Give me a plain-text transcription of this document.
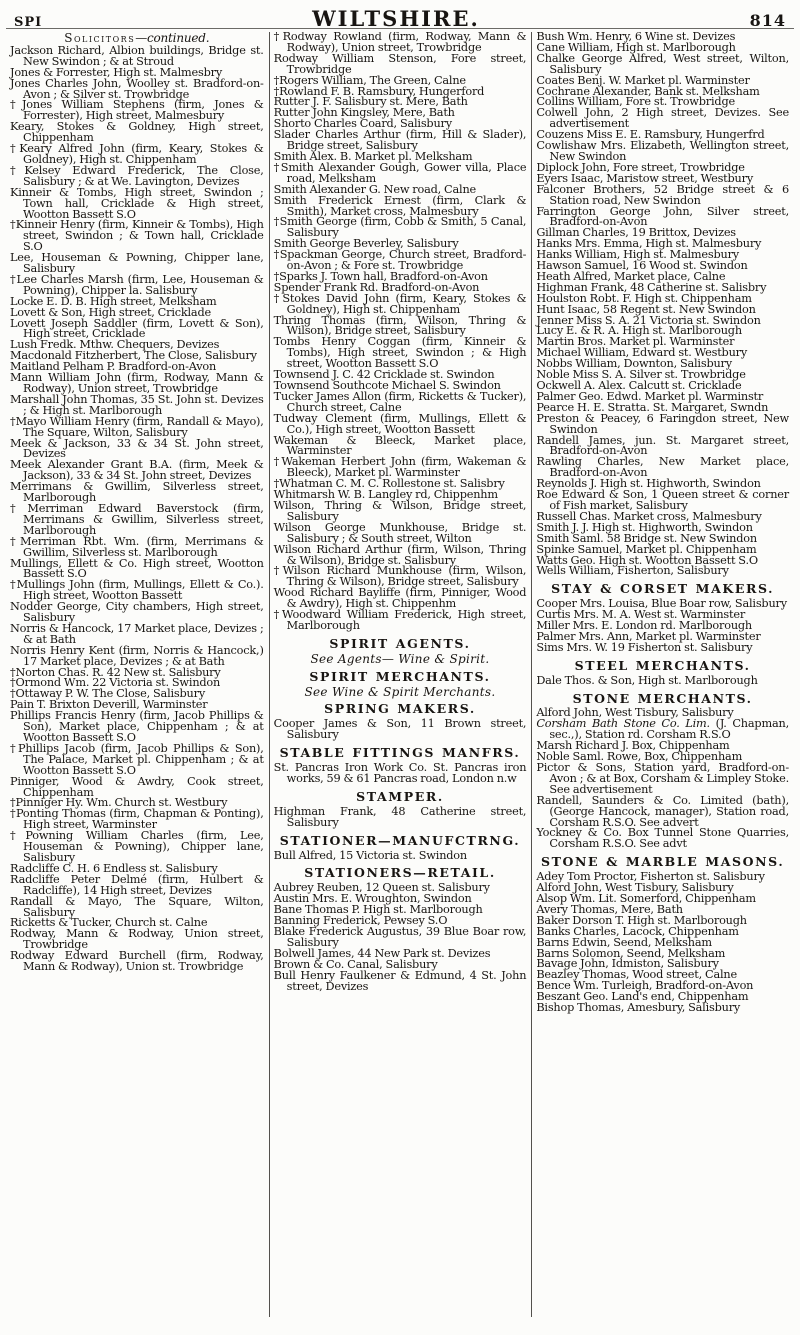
SPI	WILTSHIRE.	814
Solicitors—continued.

Jackson Richard, Albion buildings, Bridge st. New Swindon ; & at Stroud

Jones & Forrester, High st. Malmesbry

Jones Charles John, Woolley st. Bradford-on-Avon ; & Silver st. Trowbridge

†Jones William Stephens (firm, Jones & Forrester), High street, Malmesbury

Keary, Stokes & Goldney, High street, Chippenham

†Keary Alfred John (firm, Keary, Stokes & Goldney), High st. Chippenham

†Kelsey Edward Frederick, The Close, Salisbury ; & at We. Lavington, Devizes

Kinneir & Tombs, High street, Swindon ; Town hall, Cricklade & High street, Wootton Bassett S.O

†Kinneir Henry (firm, Kinneir & Tombs), High street, Swindon ; & Town hall, Cricklade S.O

Lee, Houseman & Powning, Chipper lane, Salisbury

†Lee Charles Marsh (firm, Lee, Houseman & Powning), Chipper la. Salisbury

Locke E. D. B. High street, Melksham

Lovett & Son, High street, Cricklade

Lovett Joseph Saddler (firm, Lovett & Son), High street, Cricklade

Lush Fredk. Mthw. Chequers, Devizes

Macdonald Fitzherbert, The Close, Salisbury

Maitland Pelham P. Bradford-on-Avon

Mann William John (firm, Rodway, Mann & Rodway), Union street, Trowbridge

Marshall John Thomas, 35 St. John st. Devizes ; & High st. Marlborough

†Mayo William Henry (firm, Randall & Mayo), The Square, Wilton, Salisbury

Meek & Jackson, 33 & 34 St. John street, Devizes

Meek Alexander Grant B.A. (firm, Meek & Jackson), 33 & 34 St. John street, Devizes

Merrimans & Gwillim, Silverless street, Marlborough

†Merriman Edward Baverstock (firm, Merrimans & Gwillim, Silverless street, Marlborough

†Merriman Rbt. Wm. (firm, Merrimans & Gwillim, Silverless st. Marlborough

Mullings, Ellett & Co. High street, Wootton Bassett S.O

†Mullings John (firm, Mullings, Ellett & Co.). High street, Wootton Bassett

Nodder George, City chambers, High street, Salisbury

Norris & Hancock, 17 Market place, Devizes ; & at Bath

Norris Henry Kent (firm, Norris & Hancock,) 17 Market place, Devizes ; & at Bath

†Norton Chas. R. 42 New st. Salisbury

†Ormond Wm. 22 Victoria st. Swindon

†Ottaway P. W. The Close, Salisbury

Pain T. Brixton Deverill, Warminster

Phillips Francis Henry (firm, Jacob Phillips & Son), Market place, Chippenham ; & at Wootton Bassett S.O

†Phillips Jacob (firm, Jacob Phillips & Son), The Palace, Market pl. Chippenham ; & at Wootton Bassett S.O

Pinniger, Wood & Awdry, Cook street, Chippenham

†Pinniger Hy. Wm. Church st. Westbury

†Ponting Thomas (firm, Chapman & Ponting), High street, Warminster

†Powning William Charles (firm, Lee, Houseman & Powning), Chipper lane, Salisbury

Radcliffe C. H. 6 Endless st. Salisbury

Radcliffe Peter Delmé (firm, Hulbert & Radcliffe), 14 High street, Devizes

Randall & Mayo, The Square, Wilton, Salisbury

Ricketts & Tucker, Church st. Calne

Rodway, Mann & Rodway, Union street, Trowbridge

Rodway Edward Burchell (firm, Rodway, Mann & Rodway), Union st. Trowbridge

†Rodway Rowland (firm, Rodway, Mann & Rodway), Union street, Trowbridge

Rodway William Stenson, Fore street, Trowbridge

†Rogers William, The Green, Calne

†Rowland F. B. Ramsbury, Hungerford

Rutter J. F. Salisbury st. Mere, Bath

Rutter John Kingsley, Mere, Bath

Shorto Charles Coard, Salisbury

Slader Charles Arthur (firm, Hill & Slader), Bridge street, Salisbury

Smith Alex. B. Market pl. Melksham

†Smith Alexander Gough, Gower villa, Place road, Melksham

Smith Alexander G. New road, Calne

Smith Frederick Ernest (firm, Clark & Smith), Market cross, Malmesbury

†Smith George (firm, Cobb & Smith, 5 Canal, Salisbury

Smith George Beverley, Salisbury

†Spackman George, Church street, Bradford-on-Avon ; & Fore st. Trowbridge

†Sparks J. Town hall, Bradford-on-Avon

Spender Frank Rd. Bradford-on-Avon

†Stokes David John (firm, Keary, Stokes & Goldney), High st. Chippenham

Thring Thomas (firm, Wilson, Thring & Wilson), Bridge street, Salisbury

Tombs Henry Coggan (firm, Kinneir & Tombs), High street, Swindon ; & High street, Wootton Bassett S.O

Townsend J. C. 42 Cricklade st. Swindon

Townsend Southcote Michael S. Swindon

Tucker James Allon (firm, Ricketts & Tucker), Church street, Calne

Tudway Clement (firm, Mullings, Ellett & Co.), High street, Wootton Bassett

Wakeman & Bleeck, Market place, Warminster

†Wakeman Herbert John (firm, Wakeman & Bleeck), Market pl. Warminster

†Whatman C. M. C. Rollestone st. Salisbry

Whitmarsh W. B. Langley rd, Chippenhm

Wilson, Thring & Wilson, Bridge street, Salisbury

Wilson George Munkhouse, Bridge st. Salisbury ; & South street, Wilton

Wilson Richard Arthur (firm, Wilson, Thring & Wilson), Bridge st. Salisbury

†Wilson Richard Munkhouse (firm, Wilson, Thring & Wilson), Bridge street, Salisbury

Wood Richard Bayliffe (firm, Pinniger, Wood & Awdry), High st. Chippenhm

†Woodward William Frederick, High street, Marlborough

SPIRIT AGENTS.
See Agents— Wine & Spirit.
SPIRIT MERCHANTS.
See Wine & Spirit Merchants.
SPRING MAKERS.

Cooper James & Son, 11 Brown street, Salisbury

STABLE FITTINGS MANFRS.

St. Pancras Iron Work Co. St. Pancras iron works, 59 & 61 Pancras road, London n.w

STAMPER.

Highman Frank, 48 Catherine street, Salisbury

STATIONER—MANUFCTRNG.

Bull Alfred, 15 Victoria st. Swindon

STATIONERS—RETAIL.

Aubrey Reuben, 12 Queen st. Salisbury

Austin Mrs. E. Wroughton, Swindon

Bane Thomas P. High st. Marlborough

Banning Frederick, Pewsey S.O

Blake Frederick Augustus, 39 Blue Boar row, Salisbury

Bolwell James, 44 New Park st. Devizes

Brown & Co. Canal, Salisbury

Bull Henry Faulkener & Edmund, 4 St. John street, Devizes

Bush Wm. Henry, 6 Wine st. Devizes

Cane William, High st. Marlborough

Chalke George Alfred, West street, Wilton, Salisbury

Coates Benj. W. Market pl. Warminster

Cochrane Alexander, Bank st. Melksham

Collins William, Fore st. Trowbridge

Colwell John, 2 High street, Devizes. See advertisement

Couzens Miss E. E. Ramsbury, Hungerfrd

Cowlishaw Mrs. Elizabeth, Wellington street, New Swindon

Diplock John, Fore street, Trowbridge

Eyers Isaac, Maristow street, Westbury

Falconer Brothers, 52 Bridge street & 6 Station road, New Swindon

Farrington George John, Silver street, Bradford-on-Avon

Gillman Charles, 19 Brittox, Devizes

Hanks Mrs. Emma, High st. Malmesbury

Hanks William, High st. Malmesbury

Hawson Samuel, 16 Wood st. Swindon

Heath Alfred, Market place, Calne

Highman Frank, 48 Catherine st. Salisbry

Houlston Robt. F. High st. Chippenham

Hunt Isaac, 58 Regent st. New Swindon

Jenner Miss S. A. 21 Victoria st. Swindon

Lucy E. & R. A. High st. Marlborough

Martin Bros. Market pl. Warminster

Michael William, Edward st. Westbury

Nobbs William, Downton, Salisbury

Noble Miss S. A. Silver st. Trowbridge

Ockwell A. Alex. Calcutt st. Cricklade

Palmer Geo. Edwd. Market pl. Warminstr

Pearce H. E. Stratta. St. Margaret, Swndn

Preston & Peacey, 6 Faringdon street, New Swindon

Randell James, jun. St. Margaret street, Bradford-on-Avon

Rawling Charles, New Market place, Bradford-on-Avon

Reynolds J. High st. Highworth, Swindon

Roe Edward & Son, 1 Queen street & corner of Fish market, Salisbury

Russell Chas. Market cross, Malmesbury

Smith J. J. High st. Highworth, Swindon

Smith Saml. 58 Bridge st. New Swindon

Spinke Samuel, Market pl. Chippenham

Watts Geo. High st. Wootton Bassett S.O

Wells William, Fisherton, Salisbury

STAY & CORSET MAKERS.

Cooper Mrs. Louisa, Blue Boar row, Salisbury

Curtis Mrs. M. A. West st. Warminster

Miller Mrs. E. London rd. Marlborough

Palmer Mrs. Ann, Market pl. Warminster

Sims Mrs. W. 19 Fisherton st. Salisbury

STEEL MERCHANTS.

Dale Thos. & Son, High st. Marlborough

STONE MERCHANTS.

Alford John, West Tisbury, Salisbury

Corsham Bath Stone Co. Lim. (J. Chapman, sec.,), Station rd. Corsham R.S.O

Marsh Richard J. Box, Chippenham

Noble Saml. Rowe, Box, Chippenham

Pictor & Sons, Station yard, Bradford-on-Avon ; & at Box, Corsham & Limpley Stoke. See advertisement

Randell, Saunders & Co. Limited (bath), (George Hancock, manager), Station road, Corsham R.S.O. See advert

Yockney & Co. Box Tunnel Stone Quarries, Corsham R.S.O. See advt

STONE & MARBLE MASONS.

Adey Tom Proctor, Fisherton st. Salisbury

Alford John, West Tisbury, Salisbury

Alsop Wm. Lit. Somerford, Chippenham

Avery Thomas, Mere, Bath

Baker Dorson T. High st. Marlborough

Banks Charles, Lacock, Chippenham

Barns Edwin, Seend, Melksham

Barns Solomon, Seend, Melksham

Bavage John, Idmiston, Salisbury

Beazley Thomas, Wood street, Calne

Bence Wm. Turleigh, Bradford-on-Avon

Beszant Geo. Land's end, Chippenham

Bishop Thomas, Amesbury, Salisbury
